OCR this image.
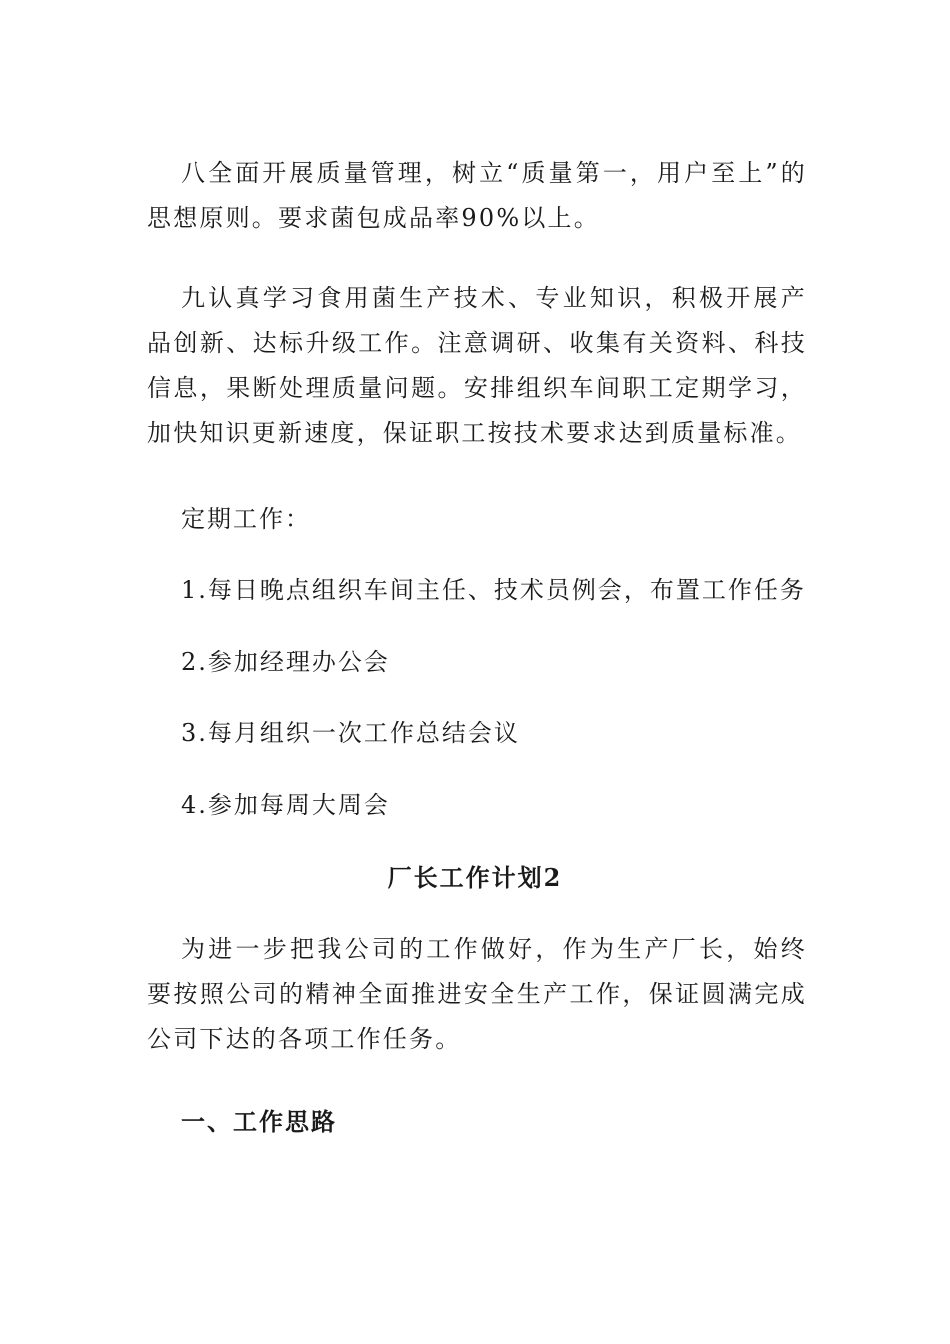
八全面开展质量管理，树立“质量第一，用户至上”的思想原则。要求菌包成品率90%以上。

九认真学习食用菌生产技术、专业知识，积极开展产品创新、达标升级工作。注意调研、收集有关资料、科技信息，果断处理质量问题。安排组织车间职工定期学习，加快知识更新速度，保证职工按技术要求达到质量标准。

定期工作：

1.每日晚点组织车间主任、技术员例会，布置工作任务

2.参加经理办公会

3.每月组织一次工作总结会议

4.参加每周大周会

厂长工作计划2

为进一步把我公司的工作做好，作为生产厂长，始终要按照公司的精神全面推进安全生产工作，保证圆满完成公司下达的各项工作任务。

一、工作思路
